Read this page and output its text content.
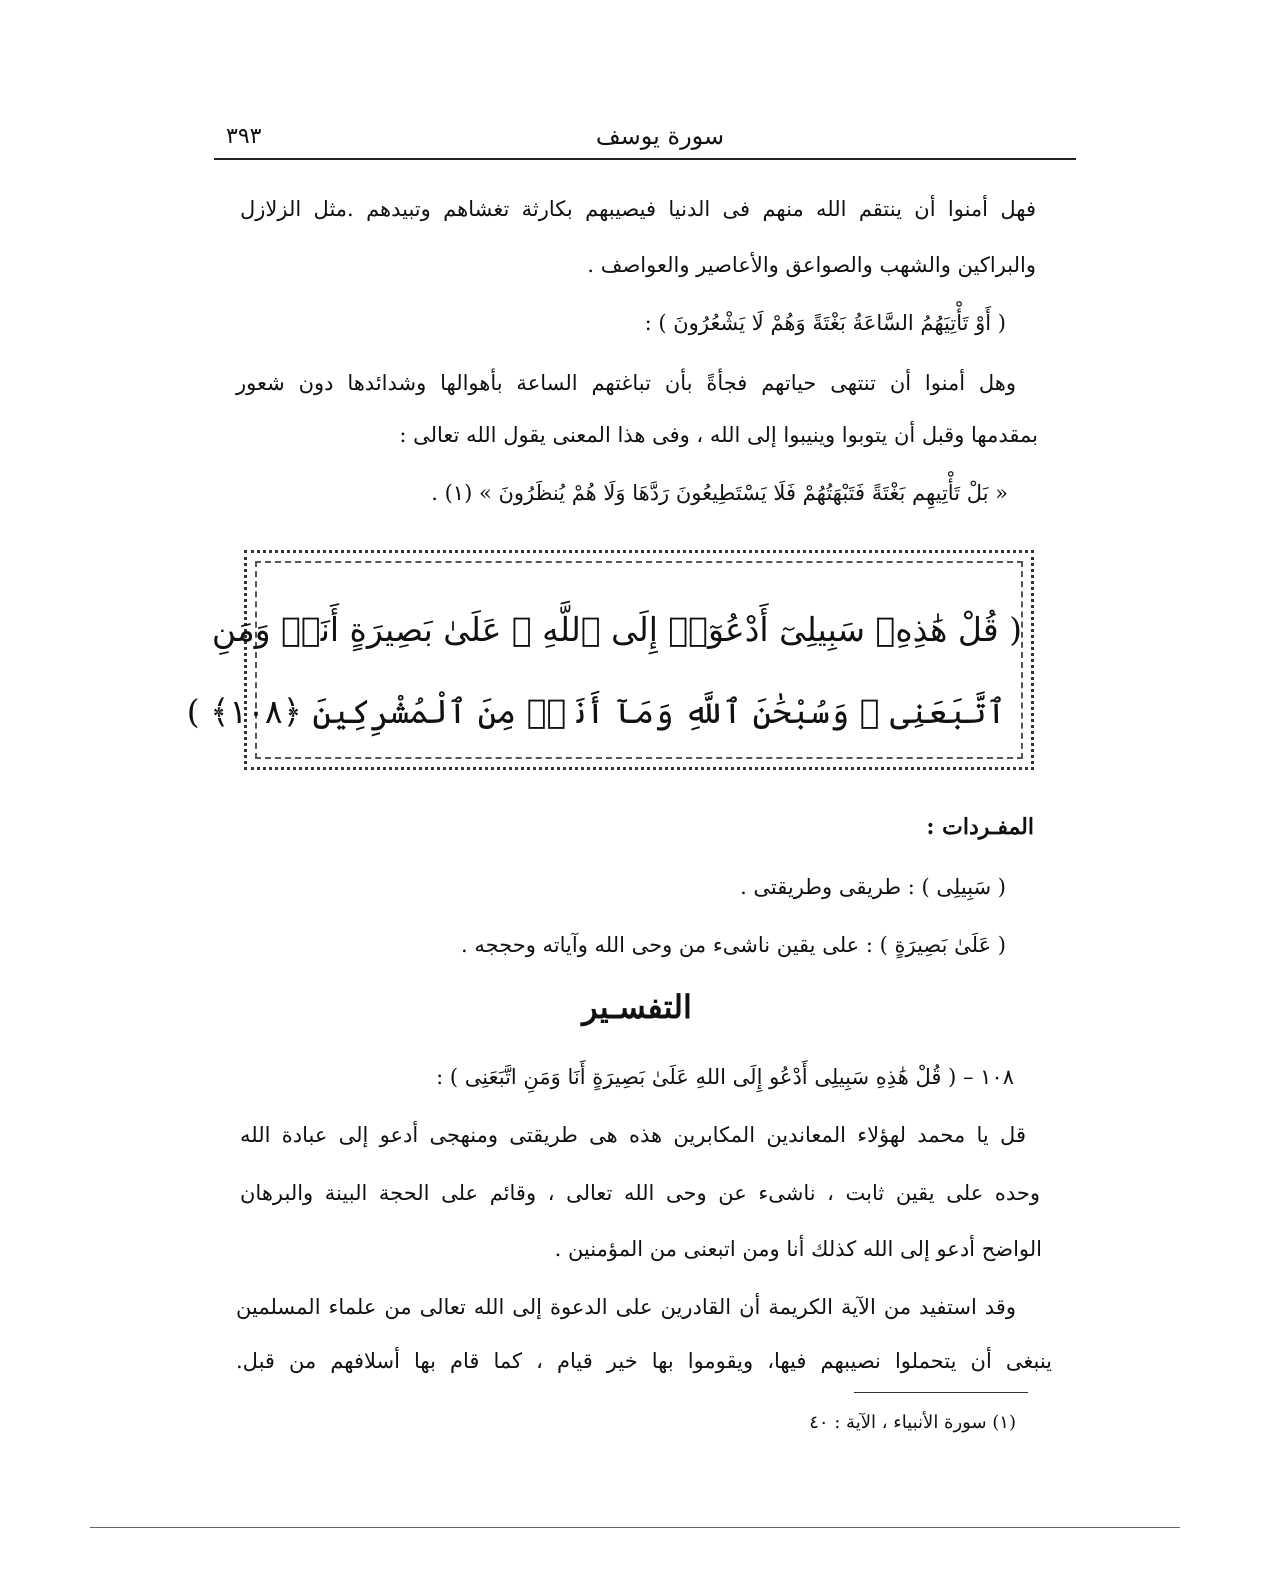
سورة يوسف
٣٩٣
فهل أمنوا أن ينتقم الله منهم فى الدنيا فيصيبهم بكارثة تغشاهم وتبيدهم .مثل الزلازل
والبراكين والشهب والصواعق والأعاصير والعواصف .
( أَوْ تَأْتِيَهُمُ السَّاعَةُ بَغْتَةً وَهُمْ لَا يَشْعُرُونَ ) :
وهل أمنوا أن تنتهى حياتهم فجأةً بأن تباغتهم الساعة بأهوالها وشدائدها دون شعور
بمقدمها وقبل أن يتوبوا وينيبوا إلى الله ، وفى هذا المعنى يقول الله تعالى :
« بَلْ تَأْتِيهِم بَغْتَةً فَتَبْهَتُهُمْ فَلَا يَسْتَطِيعُونَ رَدَّهَا وَلَا هُمْ يُنظَرُونَ » (١) .
( قُلْ هَٰذِهِۦ سَبِيلِىٓ أَدْعُوٓا۟ إِلَى ٱللَّهِ ۚ عَلَىٰ بَصِيرَةٍ أَنَا۠ وَمَنِ
ٱتَّبَعَنِى ۖ وَسُبْحَٰنَ ٱللَّهِ وَمَآ أَنَا۠ مِنَ ٱلْمُشْرِكِينَ ﴿١٠٨﴾ )
المفـردات :
( سَبِيلِى ) : طريقى وطريقتى .
( عَلَىٰ بَصِيرَةٍ ) : على يقين ناشىء من وحى الله وآياته وحججه .
التفسـير
١٠٨ – ( قُلْ هَٰذِهِ سَبِيلِى أَدْعُو إِلَى اللهِ عَلَىٰ بَصِيرَةٍ أَنَا وَمَنِ اتَّبَعَنِى ) :
قل يا محمد لهؤلاء المعاندين المكابرين هذه هى طريقتى ومنهجى أدعو إلى عبادة الله
وحده على يقين ثابت ، ناشىء عن وحى الله تعالى ، وقائم على الحجة البينة والبرهان
الواضح أدعو إلى الله كذلك أنا ومن اتبعنى من المؤمنين .
وقد استفيد من الآية الكريمة أن القادرين على الدعوة إلى الله تعالى من علماء المسلمين
ينبغى أن يتحملوا نصيبهم فيها، ويقوموا بها خير قيام ، كما قام بها أسلافهم من قبل.
(١) سورة الأنبياء ، الآية : ٤٠
